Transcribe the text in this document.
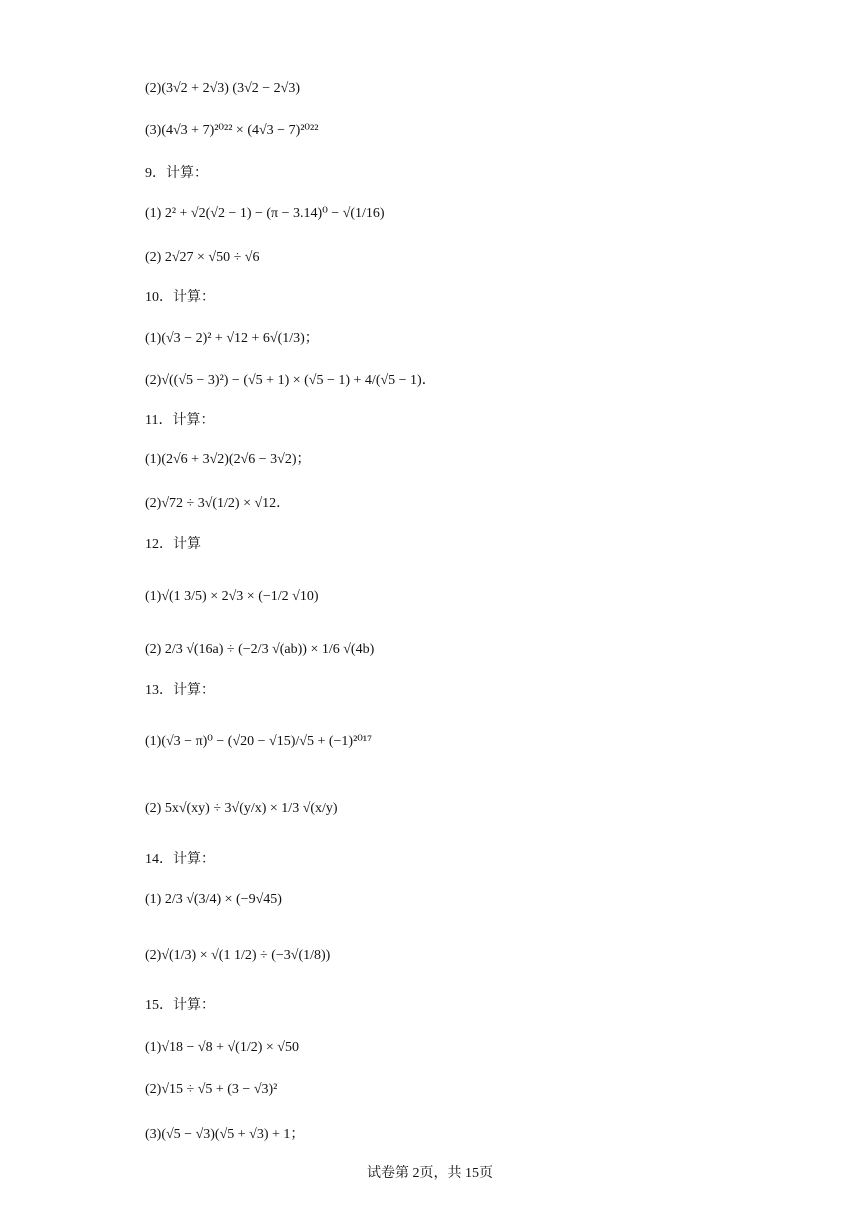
(2)(3√2 + 2√3) (3√2 − 2√3)
(3)(4√3 + 7)²⁰²² × (4√3 − 7)²⁰²²
9．计算：
(1) 2² + √2(√2 − 1) − (π − 3.14)⁰ − √(1/16)
(2) 2√27 × √50 ÷ √6
10．计算：
(1)(√3 − 2)² + √12 + 6√(1/3)；
(2)√((√5 − 3)²) − (√5 + 1) × (√5 − 1) + 4/(√5 − 1)．
11．计算：
(1)(2√6 + 3√2)(2√6 − 3√2)；
(2)√72 ÷ 3√(1/2) × √12．
12．计算
(1)√(1 3/5) × 2√3 × (−1/2 √10)
(2) 2/3 √(16a) ÷ (−2/3 √(ab)) × 1/6 √(4b)
13．计算：
(1)(√3 − π)⁰ − (√20 − √15)/√5 + (−1)²⁰¹⁷
(2) 5x√(xy) ÷ 3√(y/x) × 1/3 √(x/y)
14．计算：
(1) 2/3 √(3/4) × (−9√45)
(2)√(1/3) × √(1 1/2) ÷ (−3√(1/8))
15．计算：
(1)√18 − √8 + √(1/2) × √50
(2)√15 ÷ √5 + (3 − √3)²
(3)(√5 − √3)(√5 + √3) + 1；
试卷第 2页，共 15页
